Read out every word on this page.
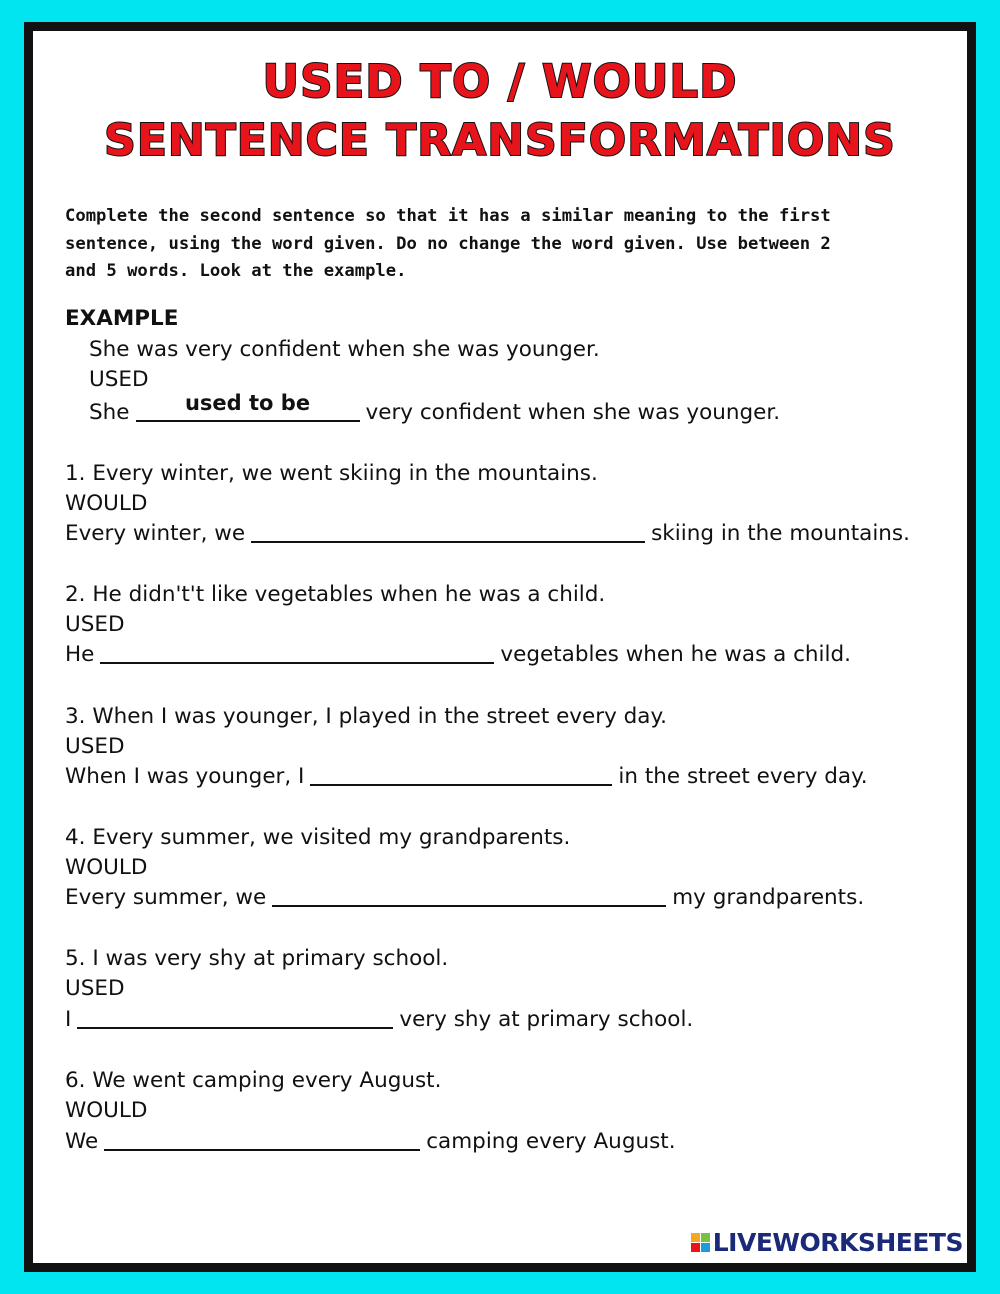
USED TO / WOULD
SENTENCE TRANSFORMATIONS
Complete the second sentence so that it has a similar meaning to the first
sentence, using the word given. Do no change the word given. Use between 2
and 5 words. Look at the example.
EXAMPLE
She was very confident when she was younger.
USED
She	used to be	very confident when she was younger.
1. Every winter, we went skiing in the mountains.
WOULD
Every winter, we	skiing in the mountains.
2. He didn't't like vegetables when he was a child.
USED
He	vegetables when he was a child.
3. When I was younger, I played in the street every day.
USED
When I was younger, I	in the street every day.
4. Every summer, we visited my grandparents.
WOULD
Every summer, we	my grandparents.
5. I was very shy at primary school.
USED
I	very shy at primary school.
6. We went camping every August.
WOULD
We	camping every August.
LIVEWORKSHEETS
